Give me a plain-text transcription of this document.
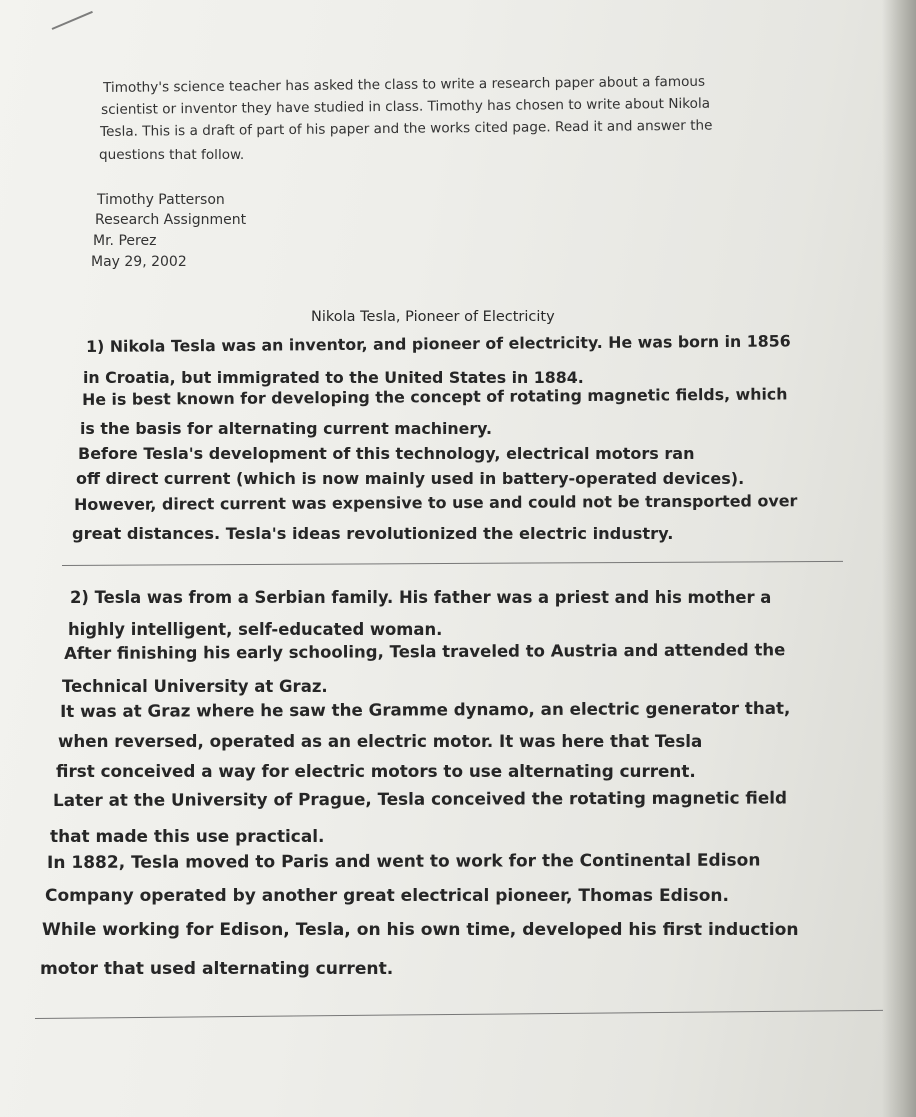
Timothy's science teacher has asked the class to write a research paper about a famous
scientist or inventor they have studied in class. Timothy has chosen to write about Nikola
Tesla. This is a draft of part of his paper and the works cited page. Read it and answer the
questions that follow.
Timothy Patterson
Research Assignment
Mr. Perez
May 29, 2002
Nikola Tesla, Pioneer of Electricity
1) Nikola Tesla was an inventor, and pioneer of electricity. He was born in 1856
in Croatia, but immigrated to the United States in 1884.
He is best known for developing the concept of rotating magnetic fields, which
is the basis for alternating current machinery.
Before Tesla's development of this technology, electrical motors ran
off direct current (which is now mainly used in battery-operated devices).
However, direct current was expensive to use and could not be transported over
great distances. Tesla's ideas revolutionized the electric industry.
2) Tesla was from a Serbian family. His father was a priest and his mother a
highly intelligent, self-educated woman.
After finishing his early schooling, Tesla traveled to Austria and attended the
Technical University at Graz.
It was at Graz where he saw the Gramme dynamo, an electric generator that,
when reversed, operated as an electric motor. It was here that Tesla
first conceived a way for electric motors to use alternating current.
Later at the University of Prague, Tesla conceived the rotating magnetic field
that made this use practical.
In 1882, Tesla moved to Paris and went to work for the Continental Edison
Company operated by another great electrical pioneer, Thomas Edison.
While working for Edison, Tesla, on his own time, developed his first induction
motor that used alternating current.
